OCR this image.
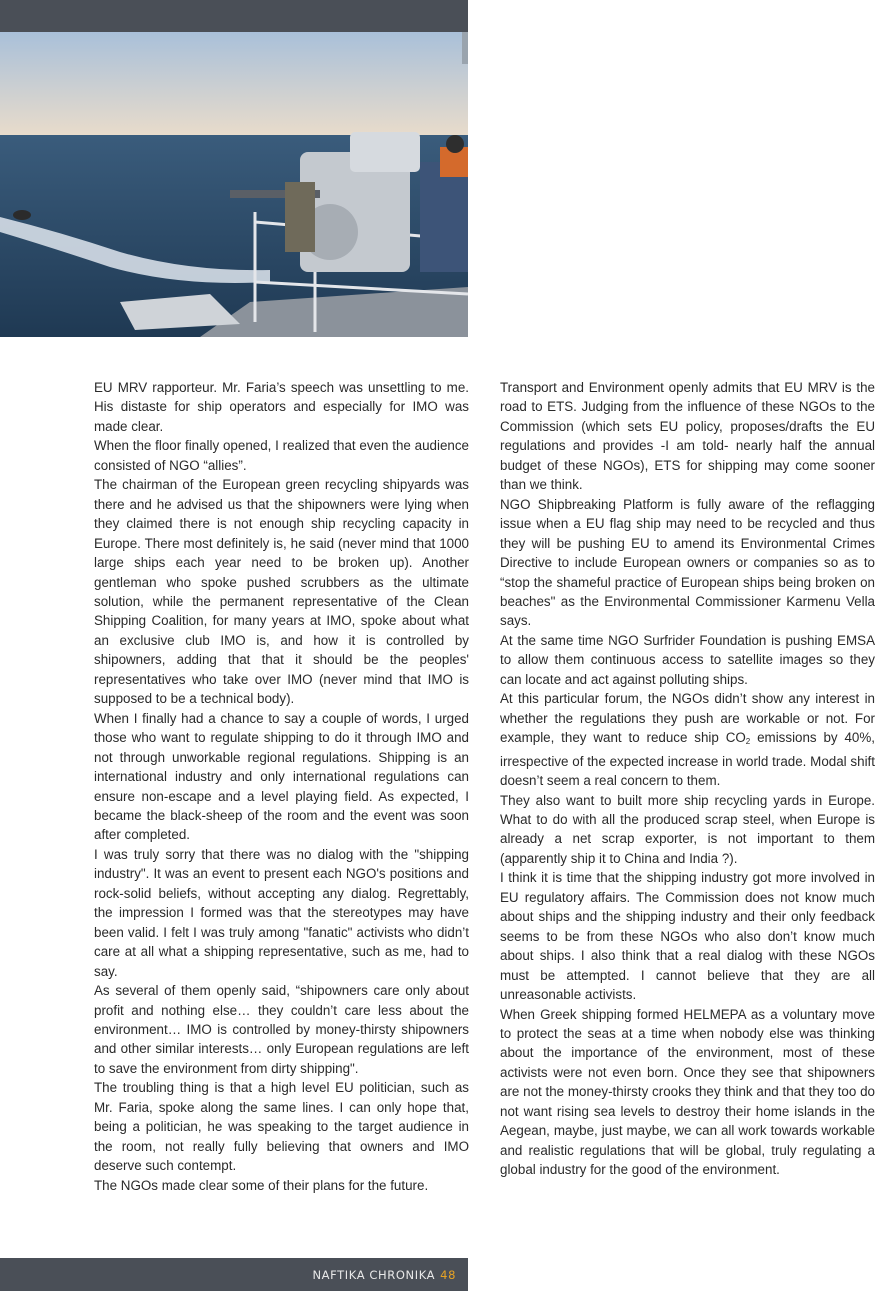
EU MRV rapporteur. Mr. Faria’s speech was unsettling to me. His distaste for ship operators and especially for IMO was made clear.

When the floor finally opened, I realized that even the audience consisted of NGO “allies”.

The chairman of the European green recycling shipyards was there and he advised us that the shipowners were lying when they claimed there is not enough ship recycling capacity in Europe. There most definitely is, he said (never mind that 1000 large ships each year need to be broken up). Another gentleman who spoke pushed scrubbers as the ultimate solution, while the permanent representative of the Clean Shipping Coalition, for many years at IMO, spoke about what an exclusive club IMO is, and how it is controlled by shipowners, adding that that it should be the peoples' representatives who take over IMO (never mind that IMO is supposed to be a technical body).

When I finally had a chance to say a couple of words, I urged those who want to regulate shipping to do it through IMO and not through unworkable regional regulations. Shipping is an international industry and only international regulations can ensure non-escape and a level playing field. As expected, I became the black-sheep of the room and the event was soon after completed.

I was truly sorry that there was no dialog with the "shipping industry". It was an event to present each NGO's positions and rock-solid beliefs, without accepting any dialog. Regrettably, the impression I formed was that the stereotypes may have been valid. I felt I was truly among "fanatic" activists who didn’t care at all what a shipping representative, such as me, had to say.

As several of them openly said, “shipowners care only about profit and nothing else… they couldn’t care less about the environment… IMO is controlled by money-thirsty shipowners and other similar interests… only European regulations are left to save the environment from dirty shipping".

The troubling thing is that a high level EU politician, such as Mr. Faria, spoke along the same lines. I can only hope that, being a politician, he was speaking to the target audience in the room, not really fully believing that owners and IMO deserve such contempt.

The NGOs made clear some of their plans for the future.

Transport and Environment openly admits that EU MRV is the road to ETS. Judging from the influence of these NGOs to the Commission (which sets EU policy, proposes/drafts the EU regulations and provides -I am told- nearly half the annual budget of these NGOs), ETS for shipping may come sooner than we think.

NGO Shipbreaking Platform is fully aware of the reflagging issue when a EU flag ship may need to be recycled and thus they will be pushing EU to amend its Environmental Crimes Directive to include European owners or companies so as to “stop the shameful practice of European ships being broken on beaches" as the Environmental Commissioner Karmenu Vella says.

At the same time NGO Surfrider Foundation is pushing EMSA to allow them continuous access to satellite images so they can locate and act against polluting ships.

At this particular forum, the NGOs didn’t show any interest in whether the regulations they push are workable or not. For example, they want to reduce ship $CO_2$ emissions by 40%, irrespective of the expected increase in world trade. Modal shift doesn’t seem a real concern to them.

They also want to built more ship recycling yards in Europe. What to do with all the produced scrap steel, when Europe is already a net scrap exporter, is not important to them (apparently ship it to China and India ?).

I think it is time that the shipping industry got more involved in EU regulatory affairs. The Commission does not know much about ships and the shipping industry and their only feedback seems to be from these NGOs who also don’t know much about ships. I also think that a real dialog with these NGOs must be attempted. I cannot believe that they are all unreasonable activists.

When Greek shipping formed HELMEPA as a voluntary move to protect the seas at a time when nobody else was thinking about the importance of the environment, most of these activists were not even born. Once they see that shipowners are not the money-thirsty crooks they think and that they too do not want rising sea levels to destroy their home islands in the Aegean, maybe, just maybe, we can all work towards workable and realistic regulations that will be global, truly regulating a global industry for the good of the environment.

NAFTIKA CHRONIKA 48
